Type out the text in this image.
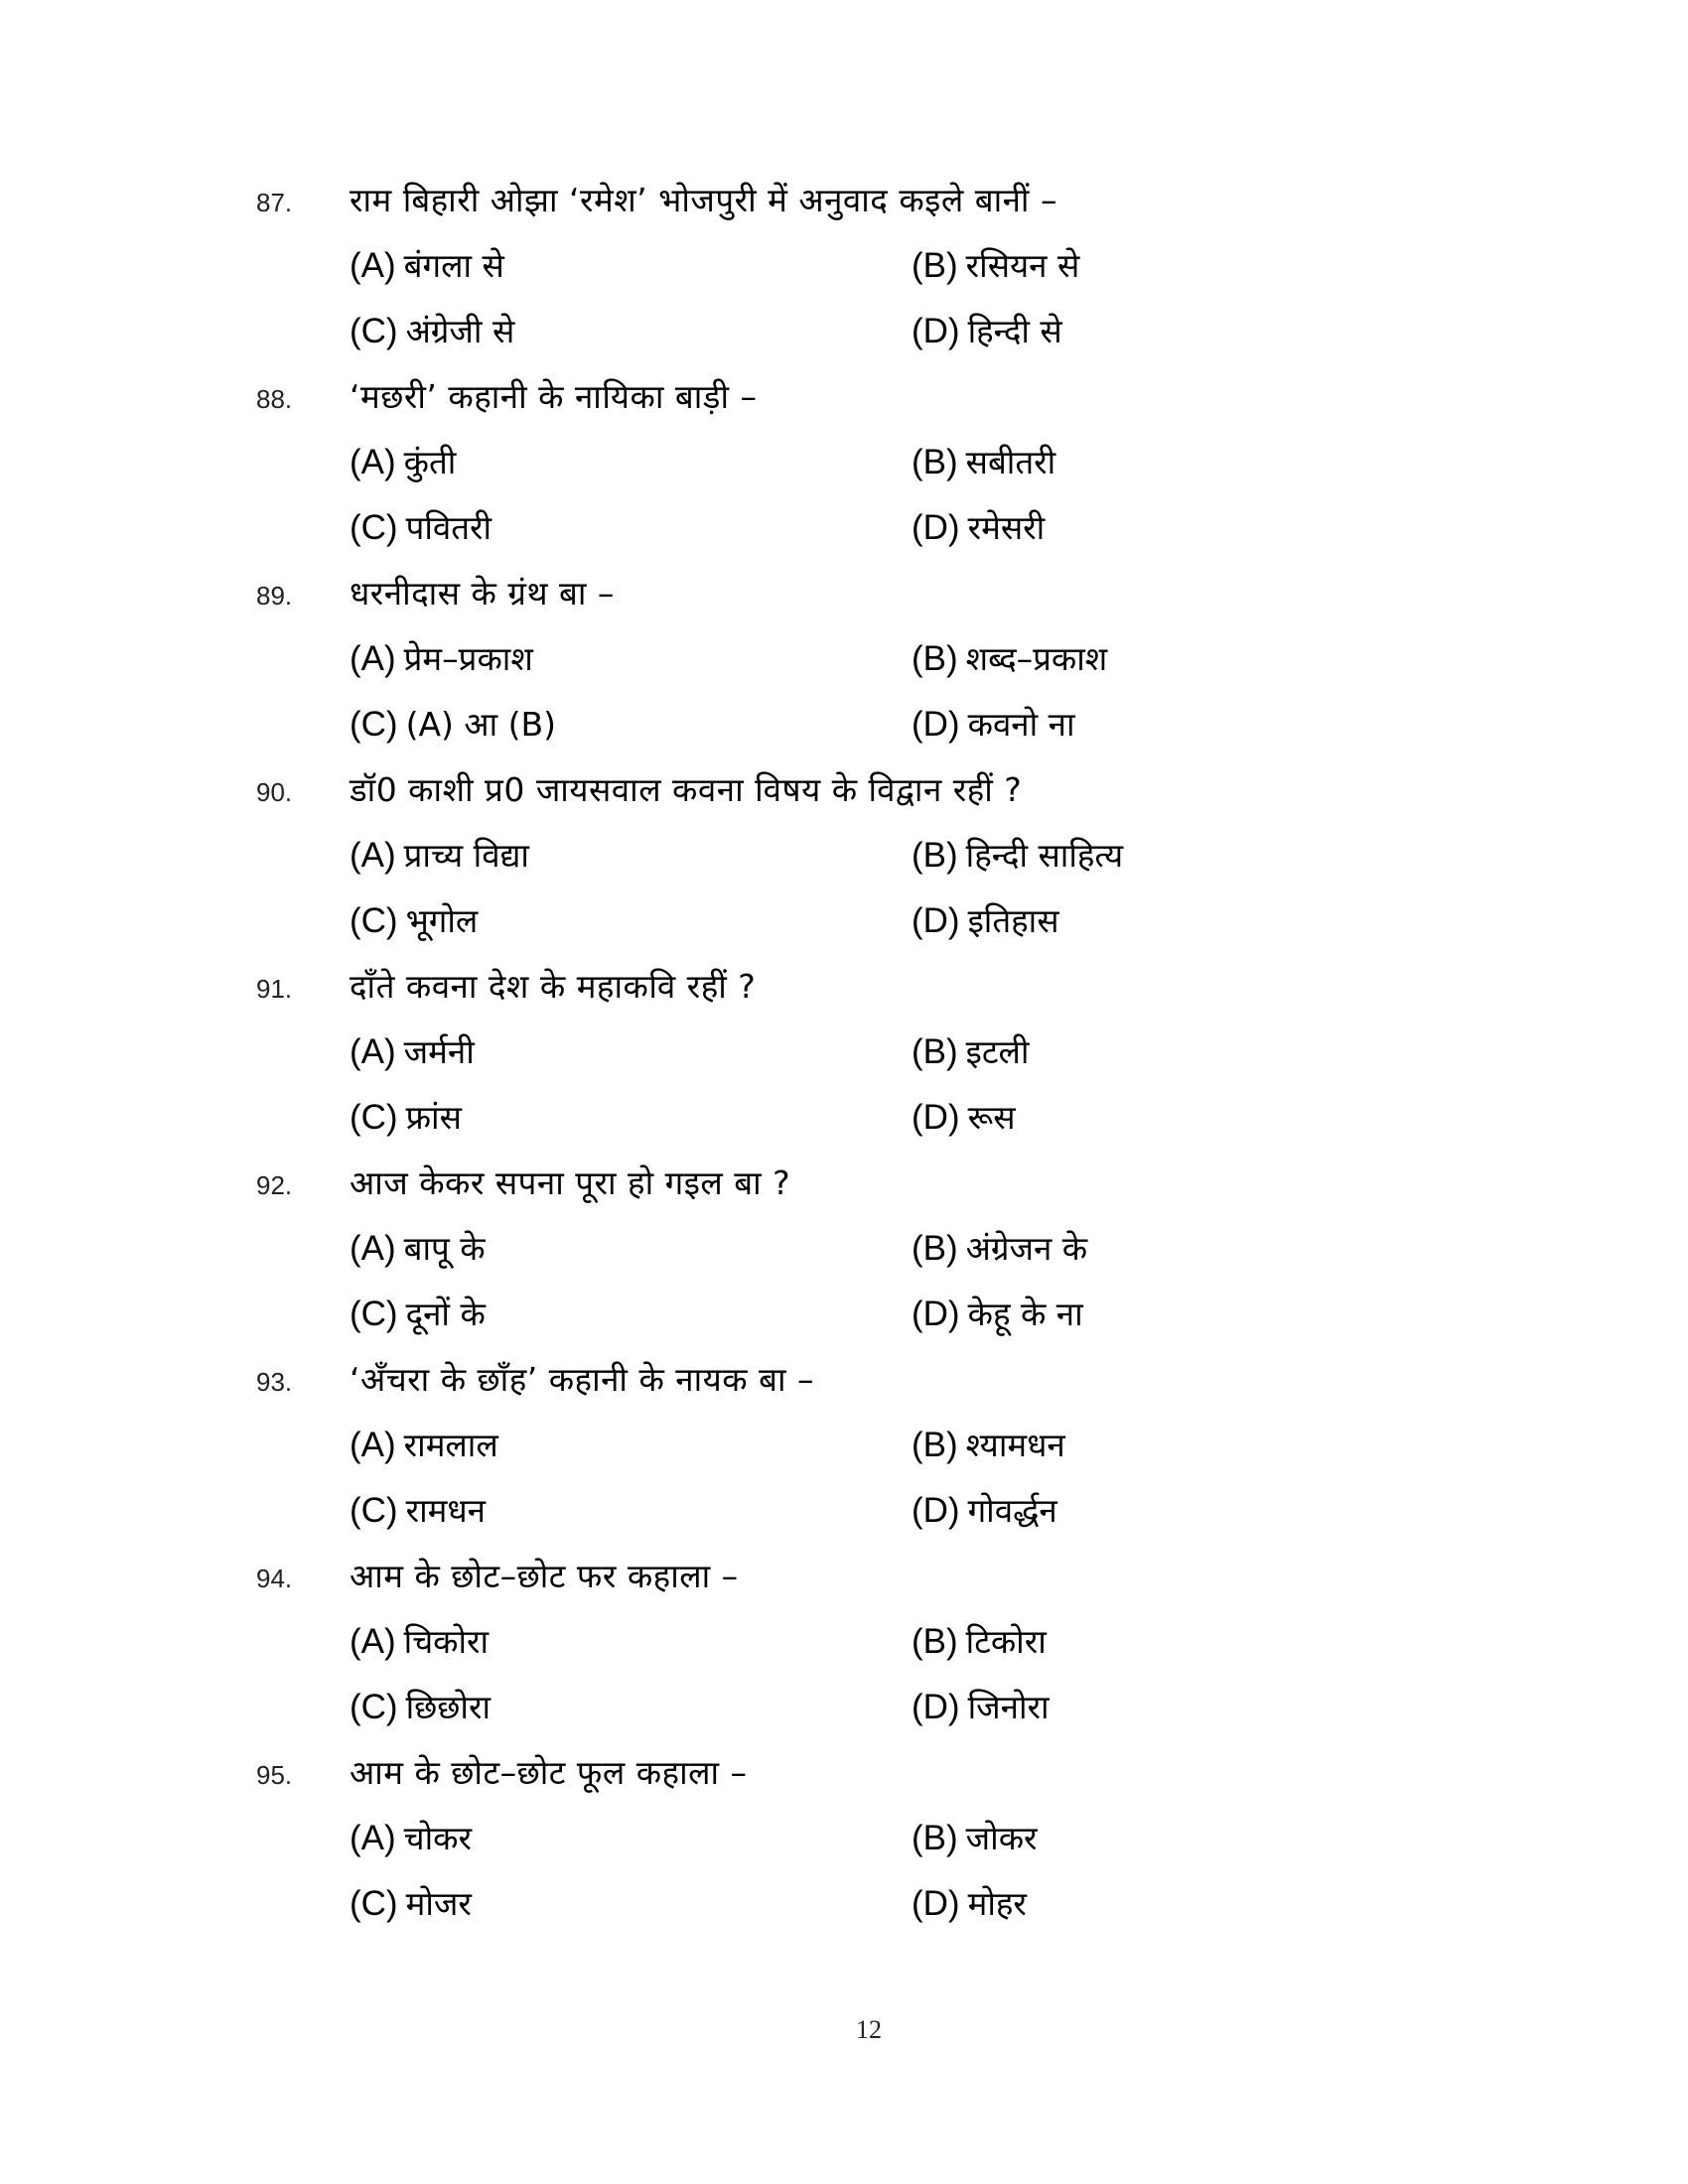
87.	राम बिहारी ओझा ‘रमेश’ भोजपुरी में अनुवाद कइले बानीं –
(A) बंगला से	(B) रसियन से
(C) अंग्रेजी से	(D) हिन्दी से
88.	‘मछरी’ कहानी के नायिका बाड़ी –
(A) कुंती	(B) सबीतरी
(C) पवितरी	(D) रमेसरी
89.	धरनीदास के ग्रंथ बा –
(A) प्रेम–प्रकाश	(B) शब्द–प्रकाश
(C) (A) आ (B)	(D) कवनो ना
90.	डॉ0 काशी प्र0 जायसवाल कवना विषय के विद्वान रहीं ?
(A) प्राच्य विद्या	(B) हिन्दी साहित्य
(C) भूगोल	(D) इतिहास
91.	दाँते कवना देश के महाकवि रहीं ?
(A) जर्मनी	(B) इटली
(C) फ्रांस	(D) रूस
92.	आज केकर सपना पूरा हो गइल बा ?
(A) बापू के	(B) अंग्रेजन के
(C) दूनों के	(D) केहू के ना
93.	‘अँचरा के छाँह’ कहानी के नायक बा –
(A) रामलाल	(B) श्यामधन
(C) रामधन	(D) गोवर्द्धन
94.	आम के छोट–छोट फर कहाला –
(A) चिकोरा	(B) टिकोरा
(C) छिछोरा	(D) जिनोरा
95.	आम के छोट–छोट फूल कहाला –
(A) चोकर	(B) जोकर
(C) मोजर	(D) मोहर
12
